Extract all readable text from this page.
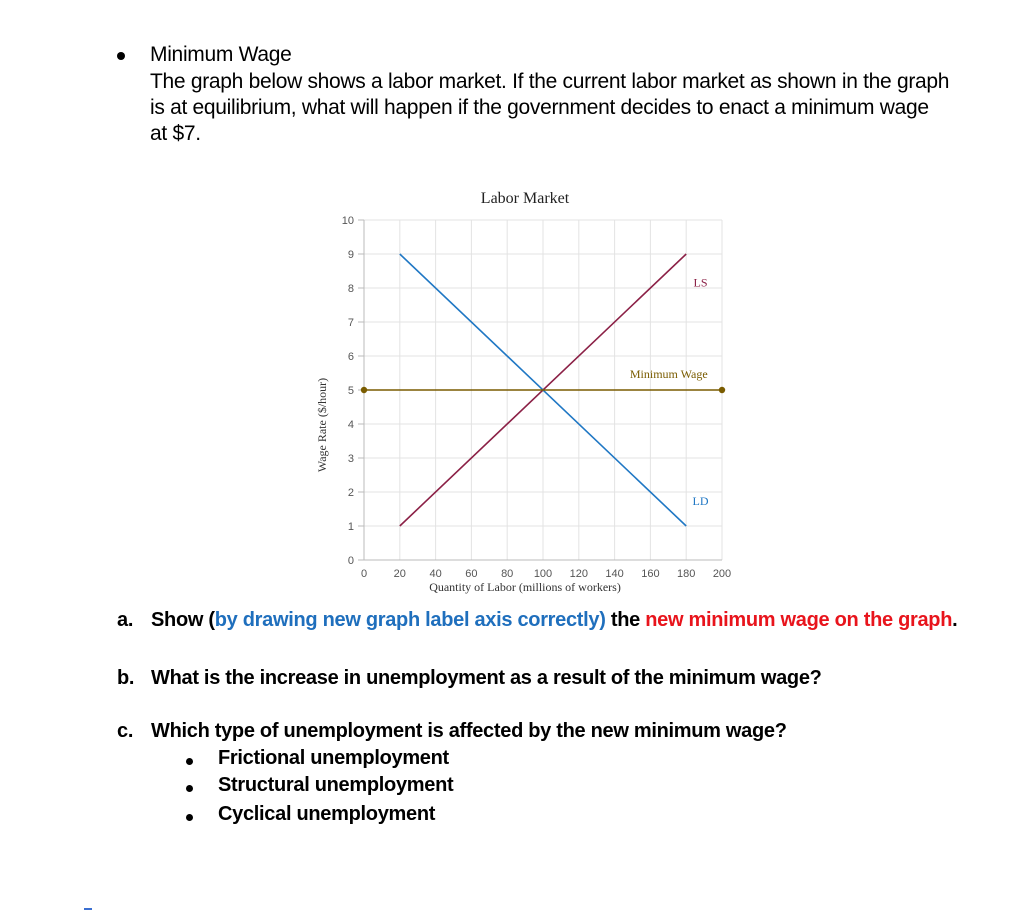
Minimum Wage
The graph below shows a labor market. If the current labor market as shown in the graph
is at equilibrium, what will happen if the government decides to enact a minimum wage
at $7.
Labor Market
0
1
2
3
4
5
6
7
8
9
10
0 20 40 60 80 100 120 140 160 180 200
LS
LD
Minimum Wage
Quantity of Labor (millions of workers)
Wage Rate ($/hour)
a. Show (by drawing new graph label axis correctly) the new minimum wage on the graph.
b. What is the increase in unemployment as a result of the minimum wage?
c. Which type of unemployment is affected by the new minimum wage?
Frictional unemployment
Structural unemployment
Cyclical unemployment
